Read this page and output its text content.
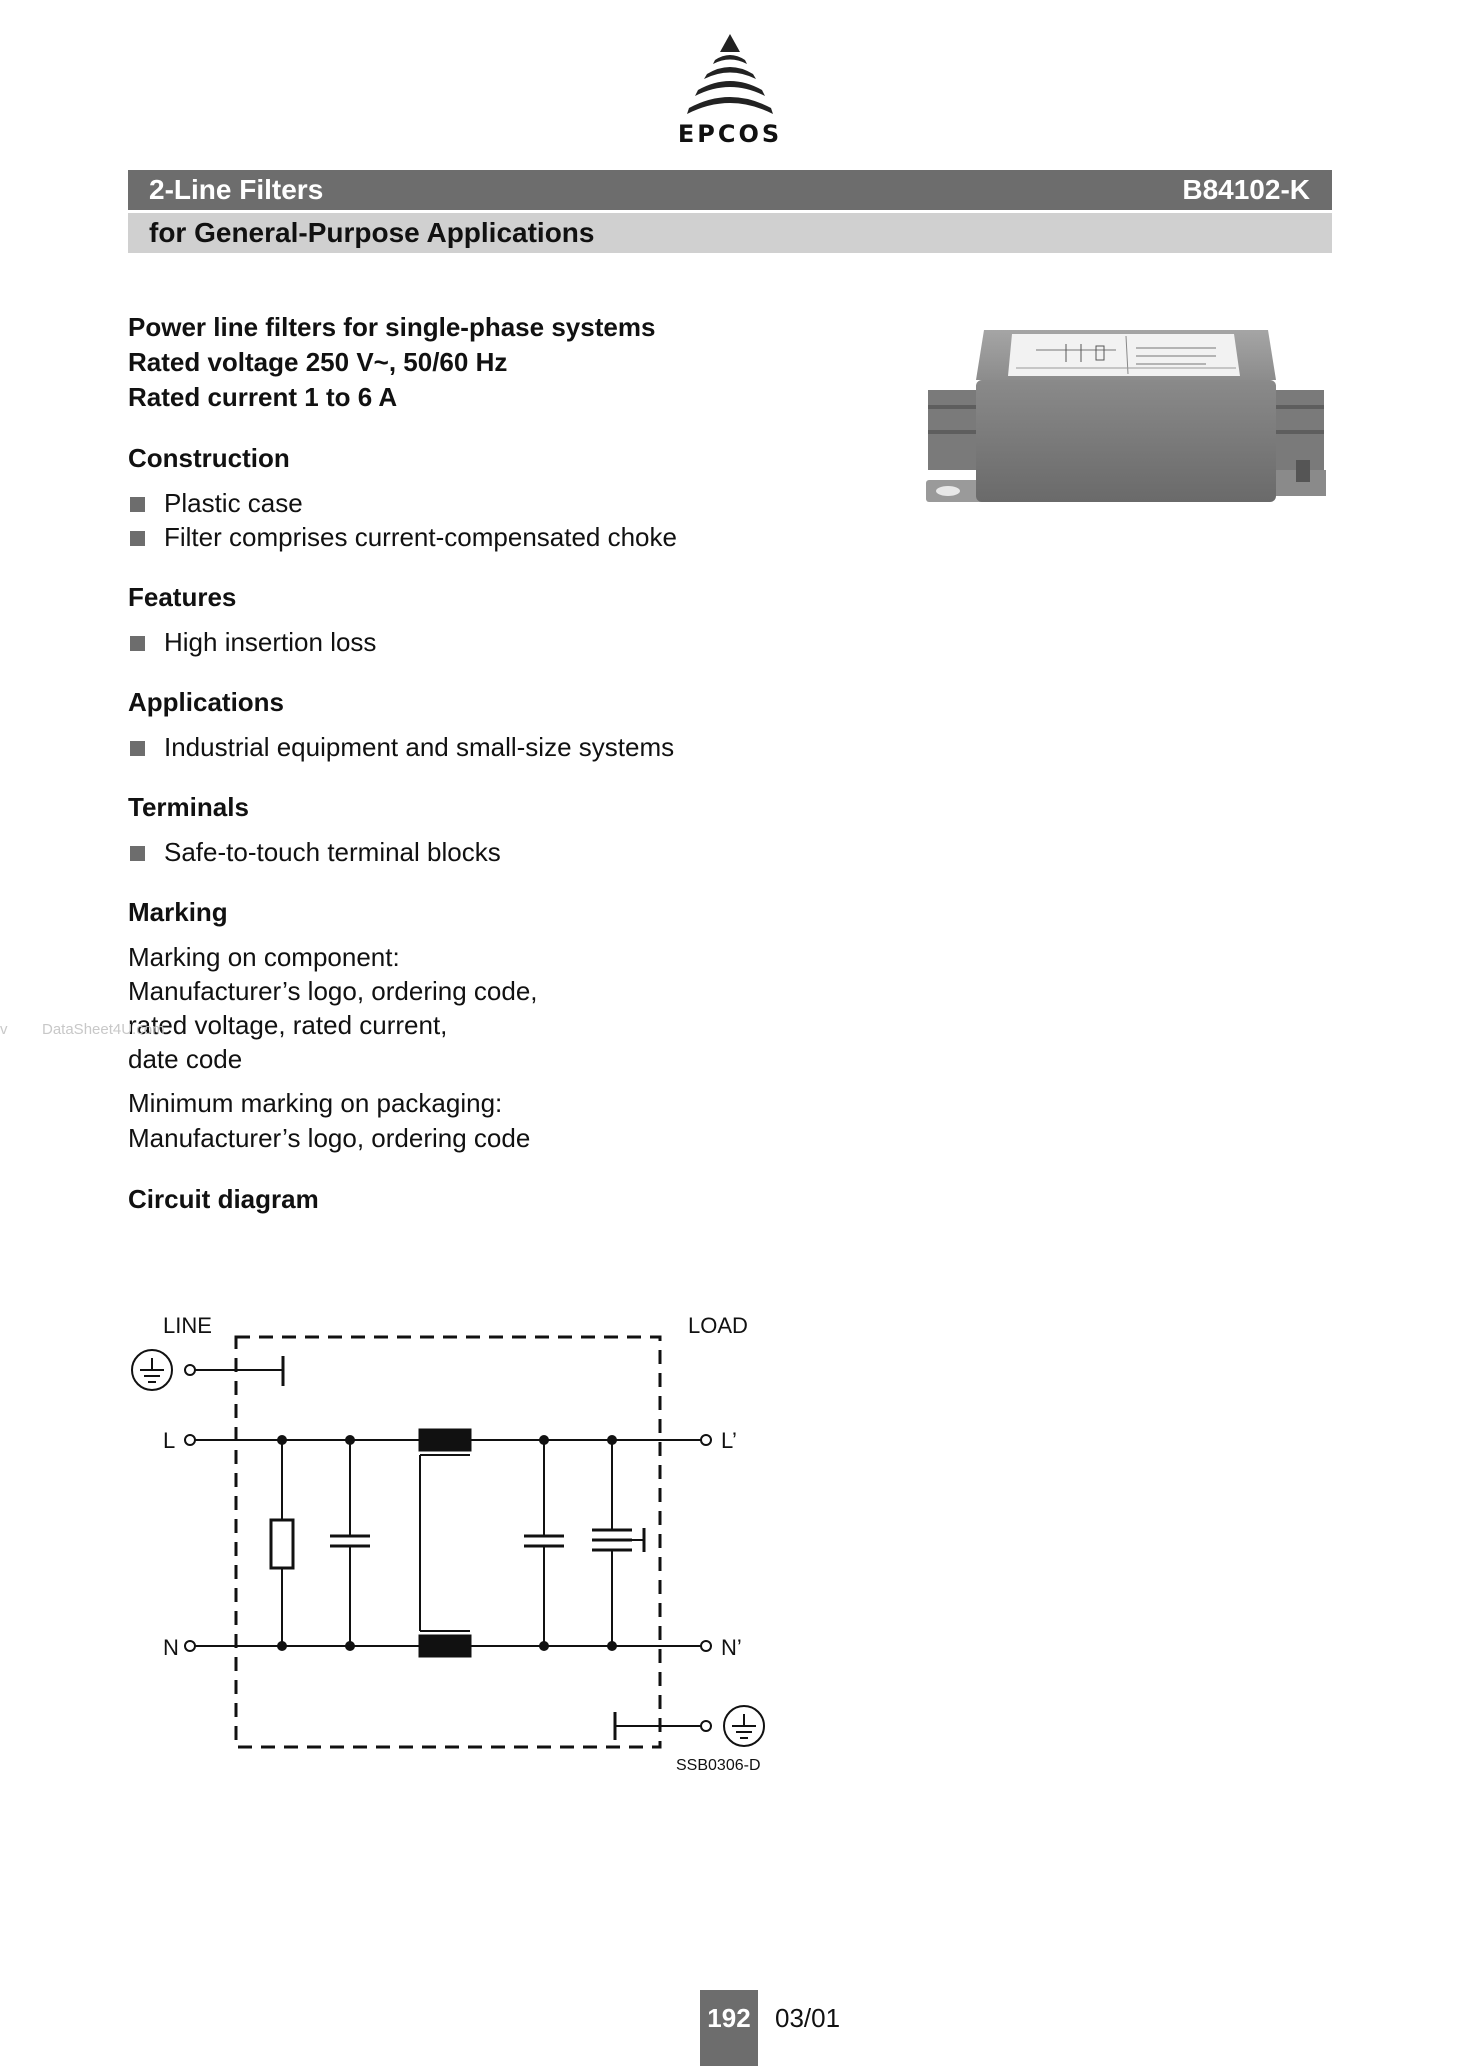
EPCOS
2-Line Filters	B84102-K
for General-Purpose Applications
Power line filters for single-phase systems
Rated voltage 250 V~, 50/60 Hz
Rated current 1 to 6 A
Construction
Plastic case
Filter comprises current-compensated choke
Features
High insertion loss
Applications
Industrial equipment and small-size systems
Terminals
Safe-to-touch terminal blocks
Marking
Marking on component:
Manufacturer’s logo, ordering code,
rated voltage, rated current,
date code
Minimum marking on packaging:
Manufacturer’s logo, ordering code
Circuit diagram
v DataSheet4U.com
LINE	LOAD
L
N
L’
N’
SSB0306-D
192 03/01
